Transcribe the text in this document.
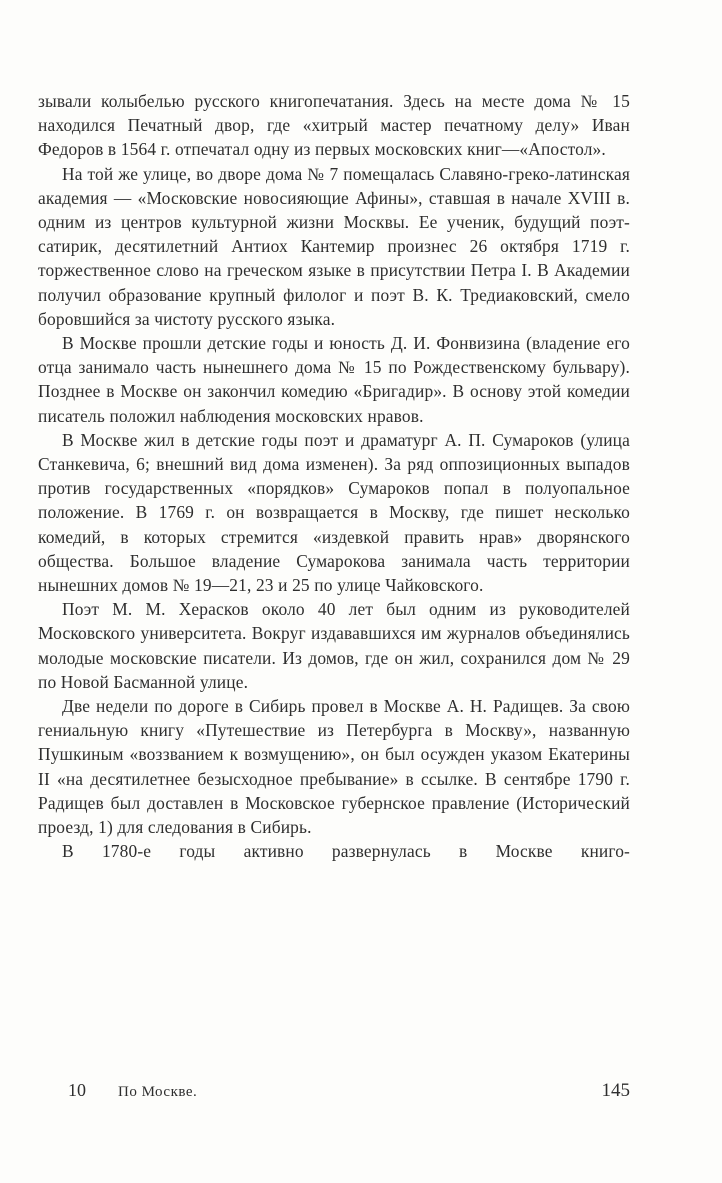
зывали колыбелью русского книгопечатания. Здесь на месте дома № 15 находился Печатный двор, где «хитрый мастер печатному делу» Иван Федоров в 1564 г. отпечатал одну из первых московских книг—«Апостол».

На той же улице, во дворе дома № 7 помещалась Славяно-греко-латинская академия — «Московские новосияющие Афины», ставшая в начале XVIII в. одним из центров культурной жизни Москвы. Ее ученик, будущий поэт-сатирик, десятилетний Антиох Кантемир произнес 26 октября 1719 г. торжественное слово на греческом языке в присутствии Петра I. В Академии получил образование крупный филолог и поэт В. К. Тредиаковский, смело боровшийся за чистоту русского языка.

В Москве прошли детские годы и юность Д. И. Фонвизина (владение его отца занимало часть нынешнего дома № 15 по Рождественскому бульвару). Позднее в Москве он закончил комедию «Бригадир». В основу этой комедии писатель положил наблюдения московских нравов.

В Москве жил в детские годы поэт и драматург А. П. Сумароков (улица Станкевича, 6; внешний вид дома изменен). За ряд оппозиционных выпадов против государственных «порядков» Сумароков попал в полуопальное положение. В 1769 г. он возвращается в Москву, где пишет несколько комедий, в которых стремится «издевкой править нрав» дворянского общества. Большое владение Сумарокова занимала часть территории нынешних домов № 19—21, 23 и 25 по улице Чайковского.

Поэт М. М. Херасков около 40 лет был одним из руководителей Московского университета. Вокруг издававшихся им журналов объединялись молодые московские писатели. Из домов, где он жил, сохранился дом № 29 по Новой Басманной улице.

Две недели по дороге в Сибирь провел в Москве А. Н. Радищев. За свою гениальную книгу «Путешествие из Петербурга в Москву», названную Пушкиным «воззванием к возмущению», он был осужден указом Екатерины II «на десятилетнее безысходное пребывание» в ссылке. В сентябре 1790 г. Радищев был доставлен в Московское губернское правление (Исторический проезд, 1) для следования в Сибирь.

В 1780-е годы активно развернулась в Москве книго-

10 По Москве.	145
